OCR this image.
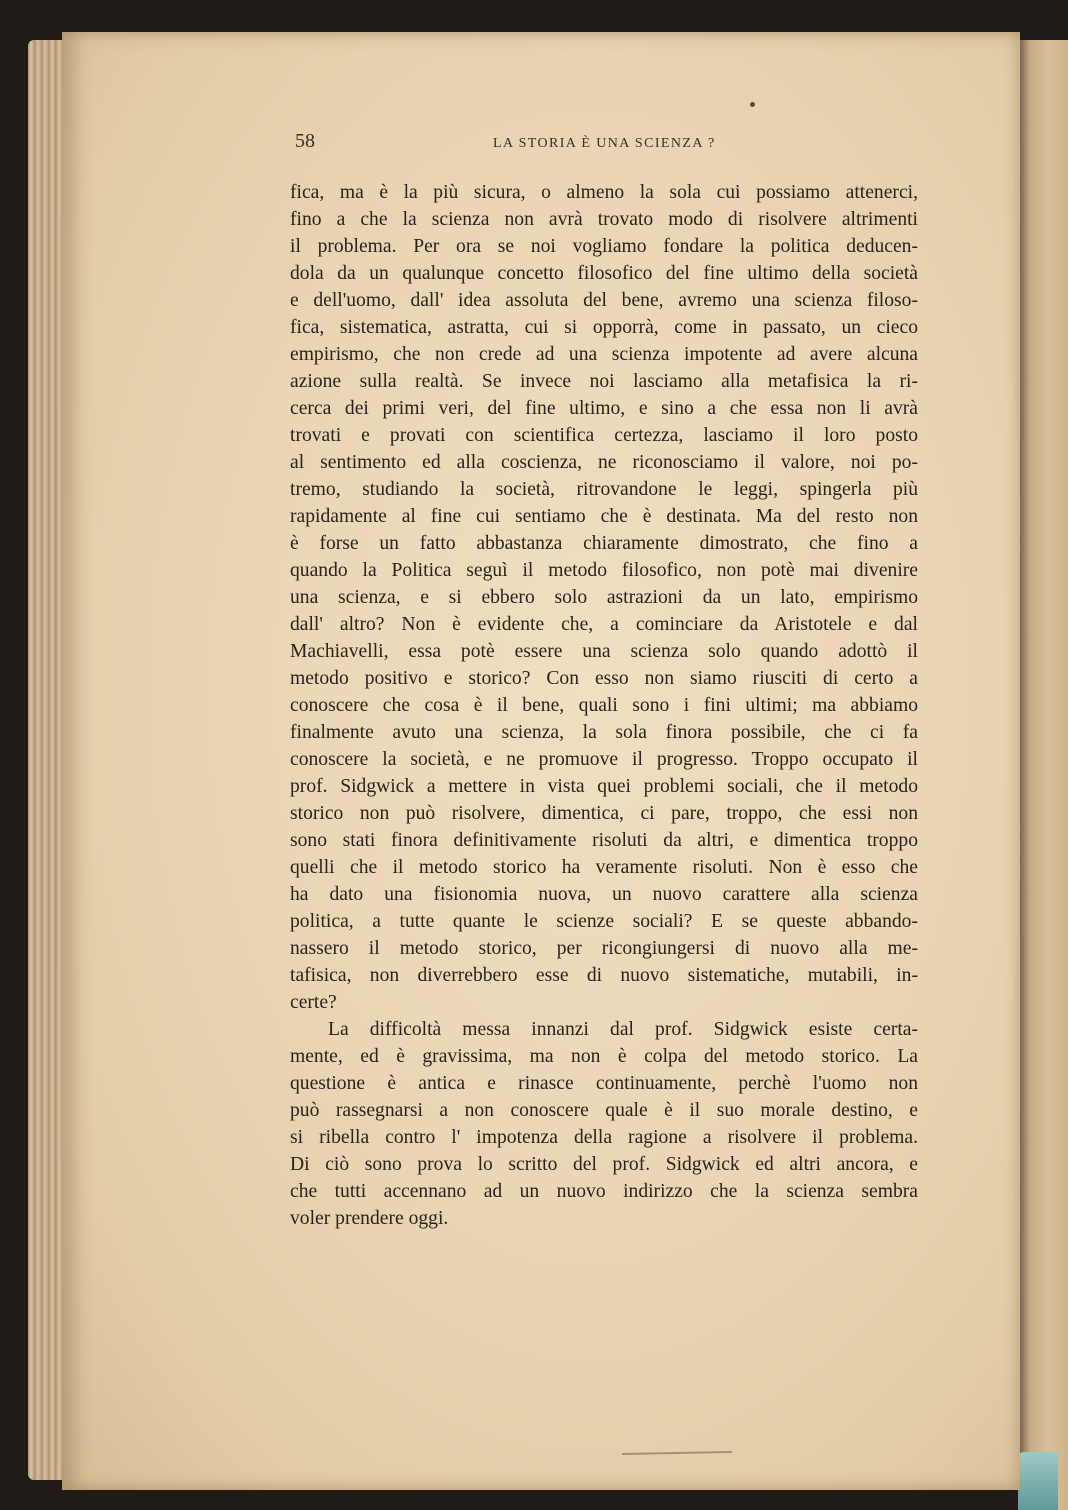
58	LA STORIA È UNA SCIENZA ?
fica, ma è la più sicura, o almeno la sola cui possiamo attenerci,
fino a che la scienza non avrà trovato modo di risolvere altrimenti
il problema. Per ora se noi vogliamo fondare la politica deducen-
dola da un qualunque concetto filosofico del fine ultimo della società
e dell'uomo, dall' idea assoluta del bene, avremo una scienza filoso-
fica, sistematica, astratta, cui si opporrà, come in passato, un cieco
empirismo, che non crede ad una scienza impotente ad avere alcuna
azione sulla realtà. Se invece noi lasciamo alla metafisica la ri-
cerca dei primi veri, del fine ultimo, e sino a che essa non li avrà
trovati e provati con scientifica certezza, lasciamo il loro posto
al sentimento ed alla coscienza, ne riconosciamo il valore, noi po-
tremo, studiando la società, ritrovandone le leggi, spingerla più
rapidamente al fine cui sentiamo che è destinata. Ma del resto non
è forse un fatto abbastanza chiaramente dimostrato, che fino a
quando la Politica seguì il metodo filosofico, non potè mai divenire
una scienza, e si ebbero solo astrazioni da un lato, empirismo
dall' altro? Non è evidente che, a cominciare da Aristotele e dal
Machiavelli, essa potè essere una scienza solo quando adottò il
metodo positivo e storico? Con esso non siamo riusciti di certo a
conoscere che cosa è il bene, quali sono i fini ultimi; ma abbiamo
finalmente avuto una scienza, la sola finora possibile, che ci fa
conoscere la società, e ne promuove il progresso. Troppo occupato il
prof. Sidgwick a mettere in vista quei problemi sociali, che il metodo
storico non può risolvere, dimentica, ci pare, troppo, che essi non
sono stati finora definitivamente risoluti da altri, e dimentica troppo
quelli che il metodo storico ha veramente risoluti. Non è esso che
ha dato una fisionomia nuova, un nuovo carattere alla scienza
politica, a tutte quante le scienze sociali? E se queste abbando-
nassero il metodo storico, per ricongiungersi di nuovo alla me-
tafisica, non diverrebbero esse di nuovo sistematiche, mutabili, in-
certe?
La difficoltà messa innanzi dal prof. Sidgwick esiste certa-
mente, ed è gravissima, ma non è colpa del metodo storico. La
questione è antica e rinasce continuamente, perchè l'uomo non
può rassegnarsi a non conoscere quale è il suo morale destino, e
si ribella contro l' impotenza della ragione a risolvere il problema.
Di ciò sono prova lo scritto del prof. Sidgwick ed altri ancora, e
che tutti accennano ad un nuovo indirizzo che la scienza sembra
voler prendere oggi.
